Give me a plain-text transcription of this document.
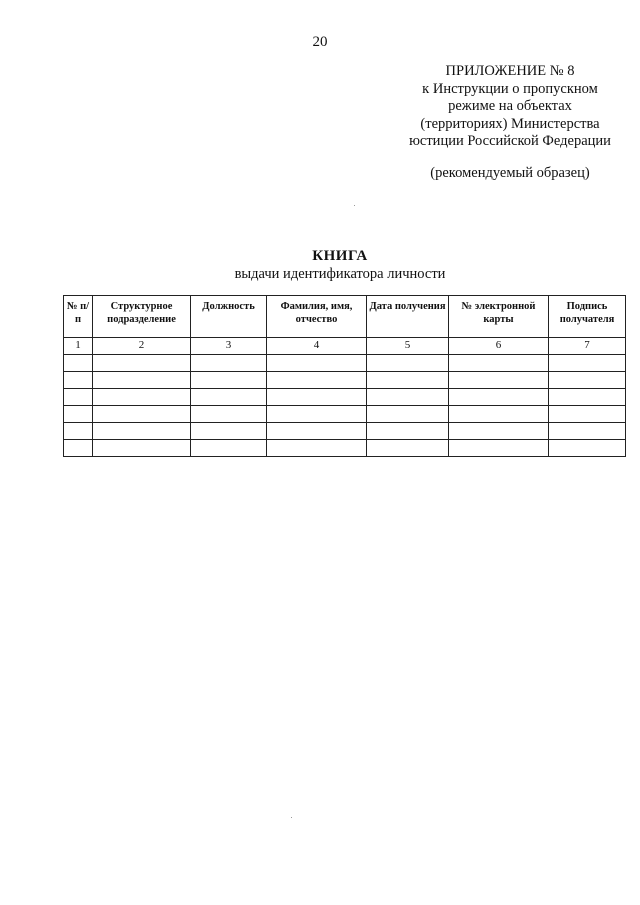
20
ПРИЛОЖЕНИЕ № 8
к Инструкции о пропускном
режиме на объектах
(территориях) Министерства
юстиции Российской Федерации
(рекомендуемый образец)
КНИГА
выдачи идентификатора личности
№ п/п	Структурное подразделение	Должность	Фамилия, имя, отчество	Дата получения	№ электронной карты	Подпись получателя
1	2	3	4	5	6	7
